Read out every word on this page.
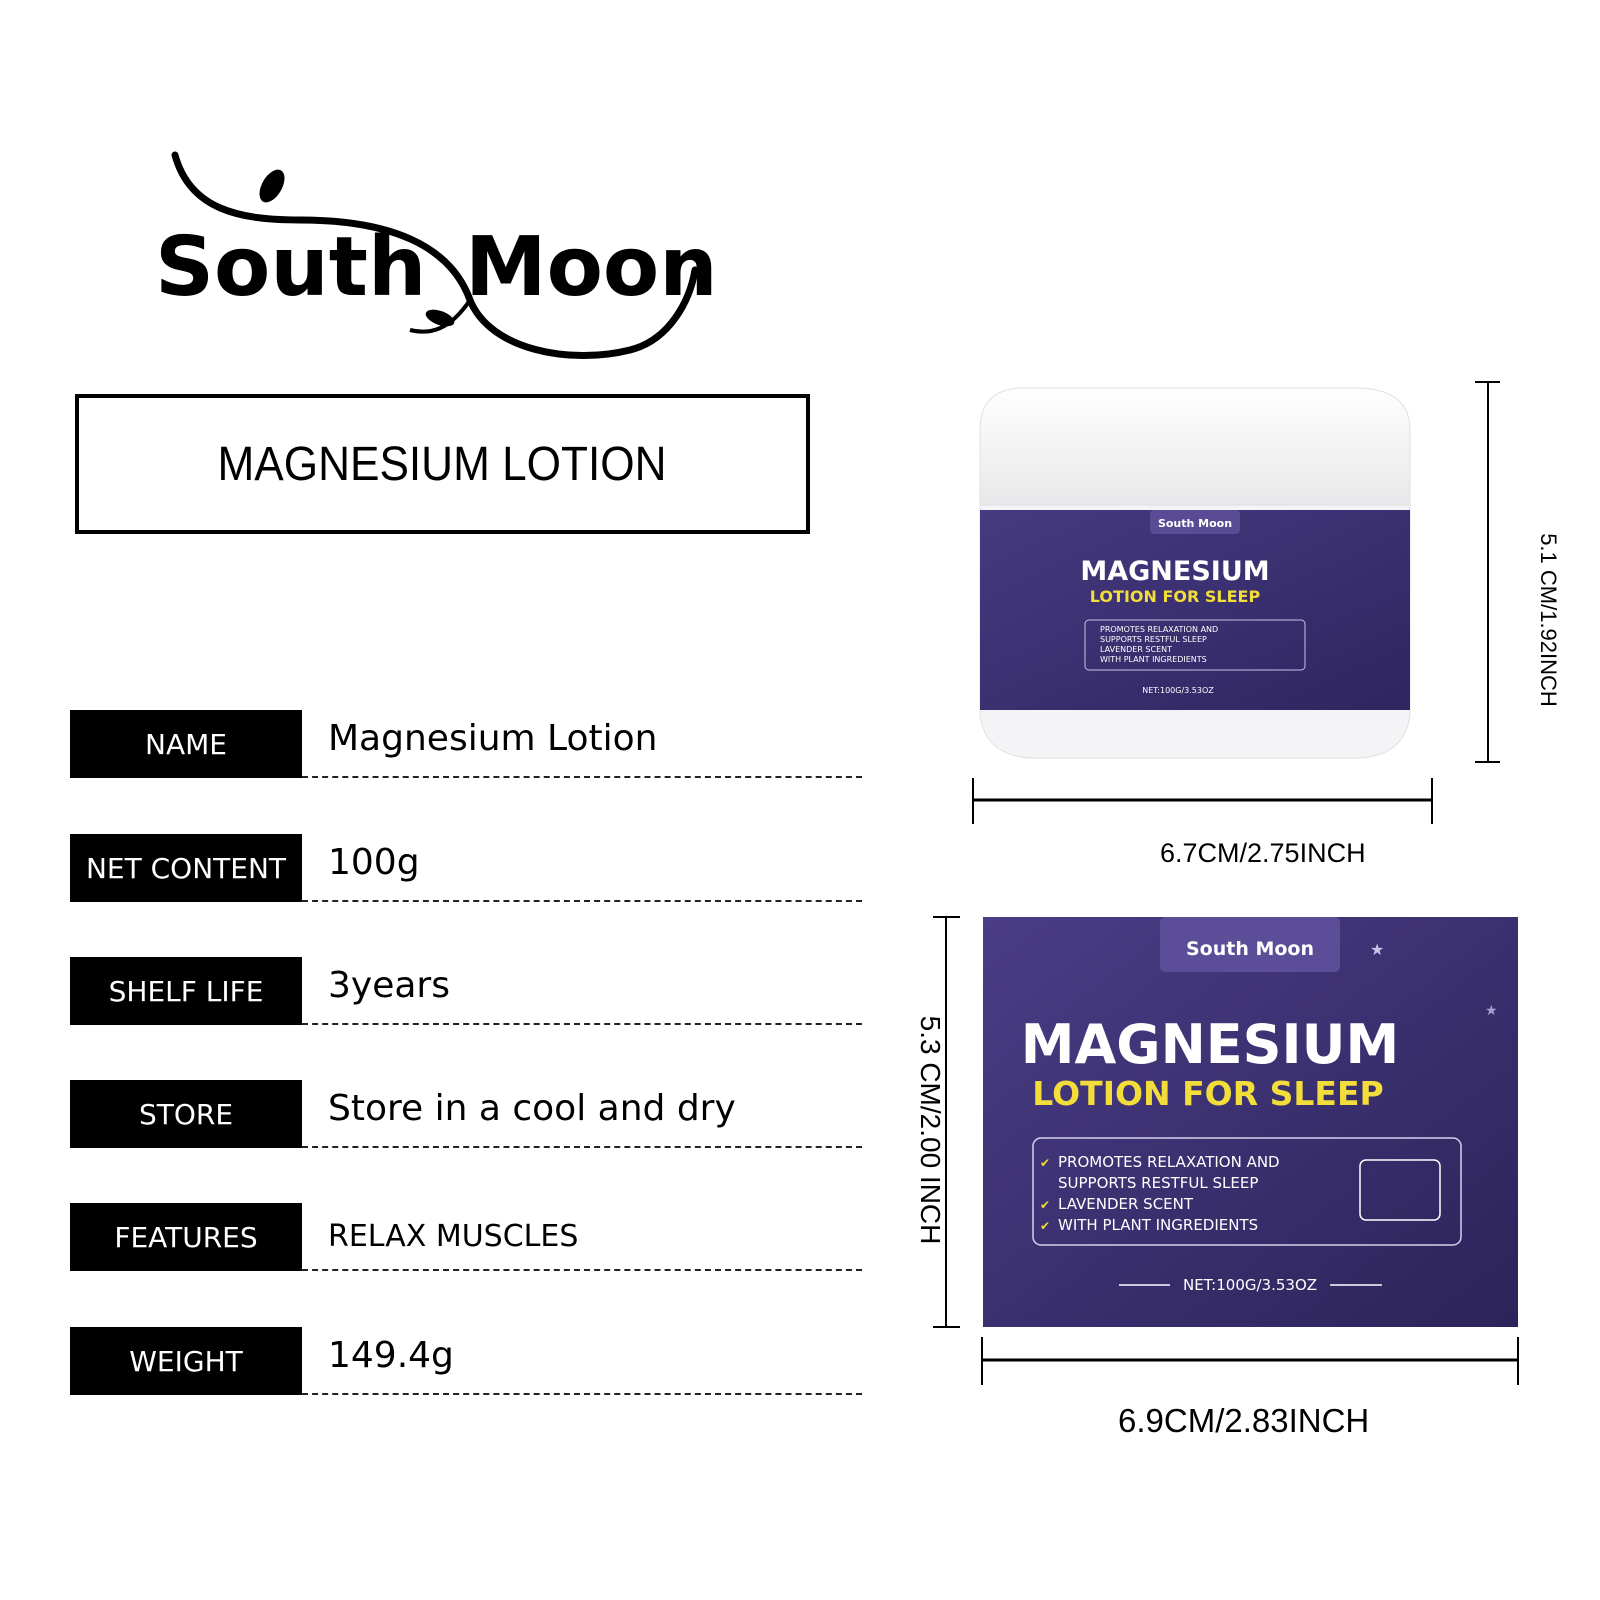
South Moon
MAGNESIUM LOTION
NAME	Magnesium Lotion
NET CONTENT	100g
SHELF LIFE	3years
STORE	Store in a cool and dry
FEATURES	RELAX MUSCLES
WEIGHT	149.4g
South Moon
MAGNESIUM
LOTION FOR SLEEP
PROMOTES RELAXATION AND
SUPPORTS RESTFUL SLEEP
LAVENDER SCENT
WITH PLANT INGREDIENTS
NET:100G/3.53OZ
6.7CM/2.75INCH
5.1 CM/1.92INCH
South Moon	★
★
MAGNESIUM
LOTION FOR SLEEP
PROMOTES RELAXATION AND
SUPPORTS RESTFUL SLEEP
LAVENDER SCENT
WITH PLANT INGREDIENTS
✔
✔
✔
NET:100G/3.53OZ
6.9CM/2.83INCH
5.3 CM/2.00 INCH
